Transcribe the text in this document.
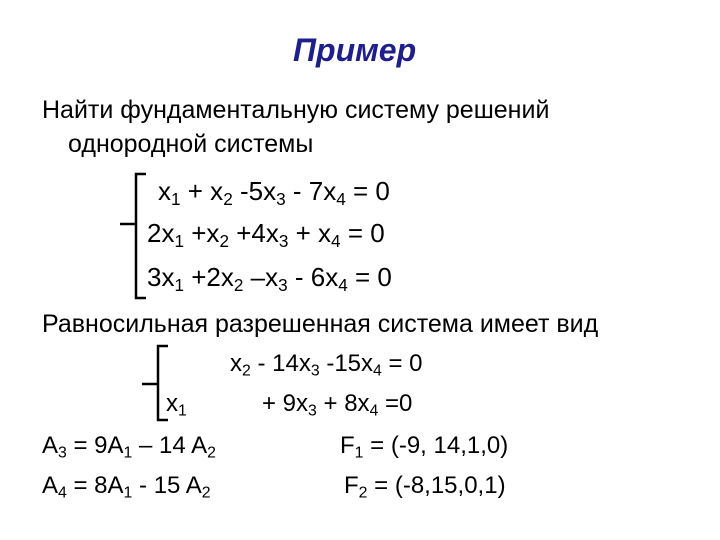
Пример
Найти фундаментальную систему решений
однородной системы
$x_1 + x_2$ $-5x_3 - 7x_4 = 0$
$2x_1 +x_2 +4x_3 + x_4 = 0$
$3x_1 +2x_2$ $-x_3 - 6x_4 = 0$
Равносильная разрешенная система имеет вид
$x_2 - 14x_3$ $-15x_4 = 0$
$x_1$	+ $9x_3 + 8x_4 =0$
$A_3 = 9A_1 - 14$ $A_2$	$F_1 = (-9$, 14,1,0)
$A_4 = 8A_1 - 15$ $A_2$	$F_2 = (-8,15,0,1)$
